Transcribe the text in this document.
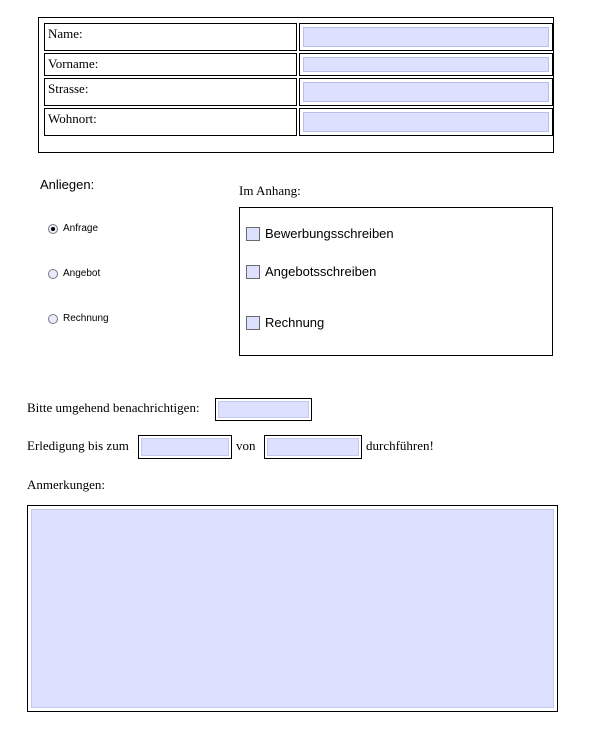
Name:
Vorname:
Strasse:
Wohnort:
Anliegen:
Anfrage
Angebot
Rechnung
Im Anhang:
Bewerbungsschreiben
Angebotsschreiben
Rechnung
Bitte umgehend benachrichtigen:
Erledigung bis zum	von	durchführen!
Anmerkungen:
